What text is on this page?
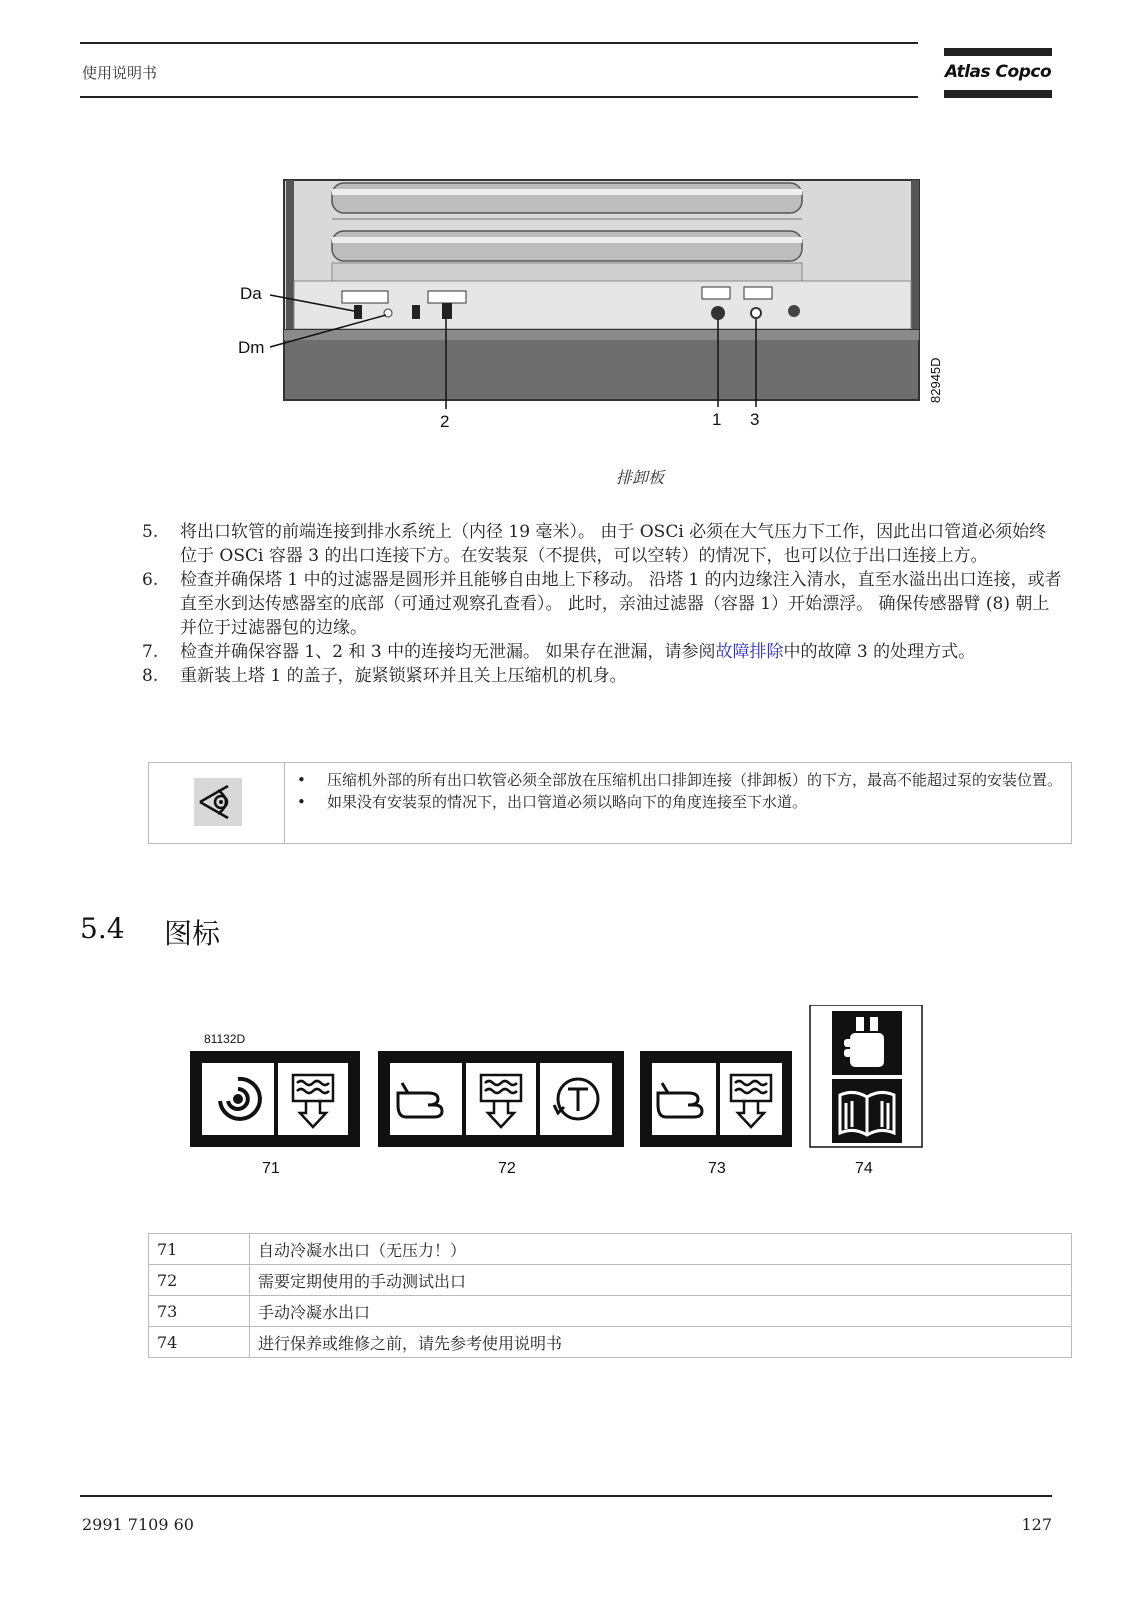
使用说明书	Atlas Copco
Da
Dm
2	1 3
82945D
排卸板
5. 将出口软管的前端连接到排水系统上（内径 19 毫米）。 由于 OSCi 必须在大气压力下工作，因此出口管道必须始终位于 OSCi 容器 3 的出口连接下方。在安装泵（不提供，可以空转）的情况下，也可以位于出口连接上方。
6. 检查并确保塔 1 中的过滤器是圆形并且能够自由地上下移动。 沿塔 1 的内边缘注入清水，直至水溢出出口连接，或者直至水到达传感器室的底部（可通过观察孔查看）。 此时，亲油过滤器（容器 1）开始漂浮。 确保传感器臂 (8) 朝上并位于过滤器包的边缘。
7. 检查并确保容器 1、2 和 3 中的连接均无泄漏。 如果存在泄漏，请参阅故障排除中的故障 3 的处理方式。
8. 重新装上塔 1 的盖子，旋紧锁紧环并且关上压缩机的机身。
• 压缩机外部的所有出口软管必须全部放在压缩机出口排卸连接（排卸板）的下方，最高不能超过泵的安装位置。
• 如果没有安装泵的情况下，出口管道必须以略向下的角度连接至下水道。
5.4 图标
81132D
71	72	73	74
71	自动冷凝水出口（无压力！）
72	需要定期使用的手动测试出口
73	手动冷凝水出口
74	进行保养或维修之前，请先参考使用说明书
2991 7109 60	127
